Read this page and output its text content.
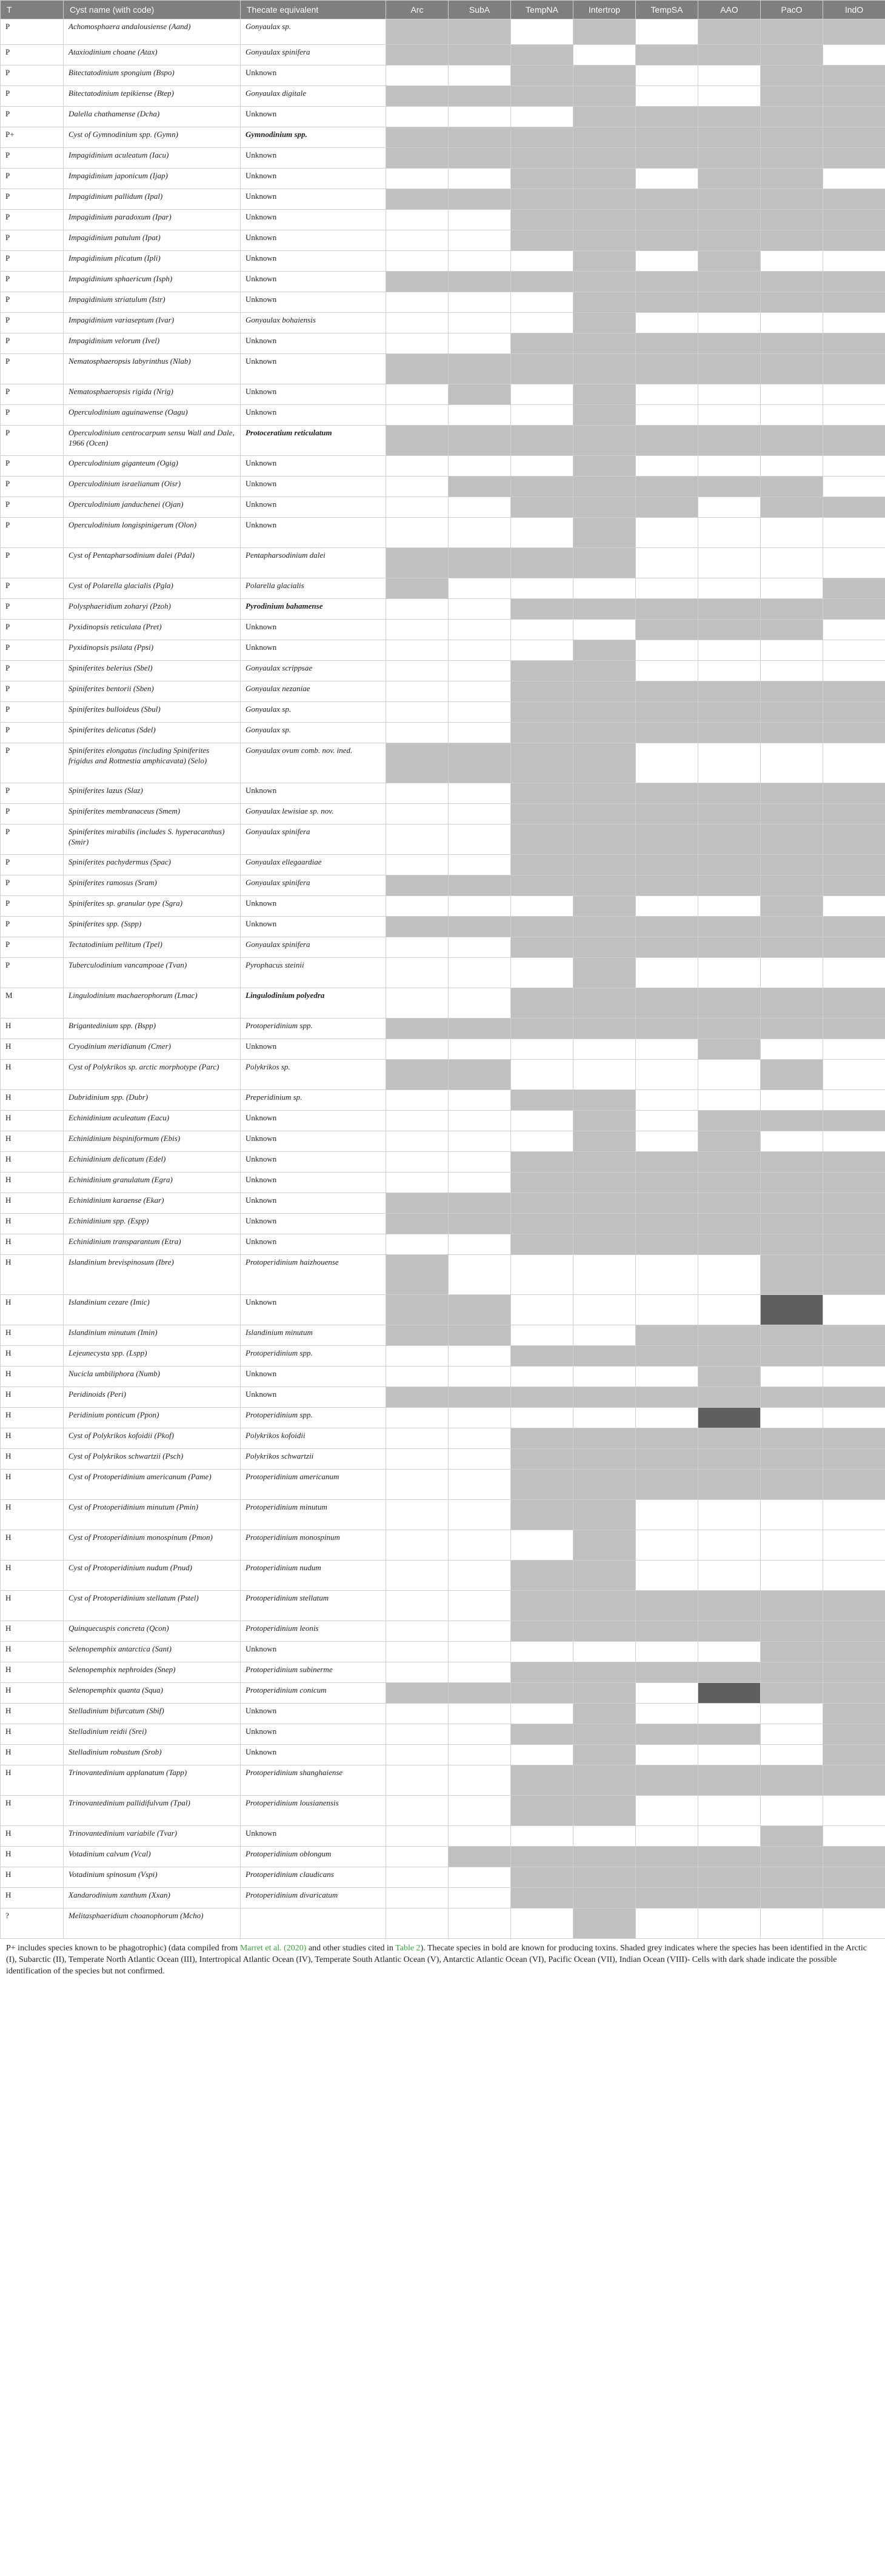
T	Cyst name (with code)	Thecate equivalent	Arc	SubA	TempNA	Intertrop	TempSA	AAO	PacO	IndO
P	Achomosphaera andalousiense (Aand)	Gonyaulax sp.								
P	Ataxiodinium choane (Atax)	Gonyaulax spinifera								
P	Bitectatodinium spongium (Bspo)	Unknown								
P	Bitectatodinium tepikiense (Btep)	Gonyaulax digitale								
P	Dalella chathamense (Dcha)	Unknown								
P+	Cyst of Gymnodinium spp. (Gymn)	Gymnodinium spp.								
P	Impagidinium aculeatum (Iacu)	Unknown								
P	Impagidinium japonicum (Ijap)	Unknown								
P	Impagidinium pallidum (Ipal)	Unknown								
P	Impagidinium paradoxum (Ipar)	Unknown								
P	Impagidinium patulum (Ipat)	Unknown								
P	Impagidinium plicatum (Ipli)	Unknown								
P	Impagidinium sphaericum (Isph)	Unknown								
P	Impagidinium striatulum (Istr)	Unknown								
P	Impagidinium variaseptum (Ivar)	Gonyaulax bohaiensis								
P	Impagidinium velorum (Ivel)	Unknown								
P	Nematosphaeropsis labyrinthus (Nlab)	Unknown								
P	Nematosphaeropsis rigida (Nrig)	Unknown								
P	Operculodinium aguinawense (Oagu)	Unknown								
P	Operculodinium centrocarpum sensu Wall and Dale, 1966 (Ocen)	Protoceratium reticulatum								
P	Operculodinium giganteum (Ogig)	Unknown								
P	Operculodinium israelianum (Oisr)	Unknown								
P	Operculodinium janduchenei (Ojan)	Unknown								
P	Operculodinium longispinigerum (Olon)	Unknown								
P	Cyst of Pentapharsodinium dalei (Pdal)	Pentapharsodinium dalei								
P	Cyst of Polarella glacialis (Pgla)	Polarella glacialis								
P	Polysphaeridium zoharyi (Pzoh)	Pyrodinium bahamense								
P	Pyxidinopsis reticulata (Pret)	Unknown								
P	Pyxidinopsis psilata (Ppsi)	Unknown								
P	Spiniferites belerius (Sbel)	Gonyaulax scrippsae								
P	Spiniferites bentorii (Sben)	Gonyaulax nezaniae								
P	Spiniferites bulloideus (Sbul)	Gonyaulax sp.								
P	Spiniferites delicatus (Sdel)	Gonyaulax sp.								
P	Spiniferites elongatus (including Spiniferites frigidus and Rottnestia amphicavata) (Selo)	Gonyaulax ovum comb. nov. ined.								
P	Spiniferites lazus (Slaz)	Unknown								
P	Spiniferites membranaceus (Smem)	Gonyaulax lewisiae sp. nov.								
P	Spiniferites mirabilis (includes S. hyperacanthus) (Smir)	Gonyaulax spinifera								
P	Spiniferites pachydermus (Spac)	Gonyaulax ellegaardiae								
P	Spiniferites ramosus (Sram)	Gonyaulax spinifera								
P	Spiniferites sp. granular type (Sgra)	Unknown								
P	Spiniferites spp. (Sspp)	Unknown								
P	Tectatodinium pellitum (Tpel)	Gonyaulax spinifera								
P	Tuberculodinium vancampoae (Tvan)	Pyrophacus steinii								
M	Lingulodinium machaerophorum (Lmac)	Lingulodinium polyedra								
H	Brigantedinium spp. (Bspp)	Protoperidinium spp.								
H	Cryodinium meridianum (Cmer)	Unknown								
H	Cyst of Polykrikos sp. arctic morphotype (Parc)	Polykrikos sp.								
H	Dubridinium spp. (Dubr)	Preperidinium sp.								
H	Echinidinium aculeatum (Eacu)	Unknown								
H	Echinidinium bispiniformum (Ebis)	Unknown								
H	Echinidinium delicatum (Edel)	Unknown								
H	Echinidinium granulatum (Egra)	Unknown								
H	Echinidinium karaense (Ekar)	Unknown								
H	Echinidinium spp. (Espp)	Unknown								
H	Echinidinium transparantum (Etra)	Unknown								
H	Islandinium brevispinosum (Ibre)	Protoperidinium haizhouense								
H	Islandinium cezare (Imic)	Unknown								
H	Islandinium minutum (Imin)	Islandinium minutum								
H	Lejeunecysta spp. (Lspp)	Protoperidinium spp.								
H	Nucicla umbiliphora (Numb)	Unknown								
H	Peridinoids (Peri)	Unknown								
H	Peridinium ponticum (Ppon)	Protoperidinium spp.								
H	Cyst of Polykrikos kofoidii (Pkof)	Polykrikos kofoidii								
H	Cyst of Polykrikos schwartzii (Psch)	Polykrikos schwartzii								
H	Cyst of Protoperidinium americanum (Pame)	Protoperidinium americanum								
H	Cyst of Protoperidinium minutum (Pmin)	Protoperidinium minutum								
H	Cyst of Protoperidinium monospinum (Pmon)	Protoperidinium monospinum								
H	Cyst of Protoperidinium nudum (Pnud)	Protoperidinium nudum								
H	Cyst of Protoperidinium stellatum (Pstel)	Protoperidinium stellatum								
H	Quinquecuspis concreta (Qcon)	Protoperidinium leonis								
H	Selenopemphix antarctica (Sant)	Unknown								
H	Selenopemphix nephroides (Snep)	Protoperidinium subinerme								
H	Selenopemphix quanta (Squa)	Protoperidinium conicum								
H	Stelladinium bifurcatum (Sbif)	Unknown								
H	Stelladinium reidii (Srei)	Unknown								
H	Stelladinium robustum (Srob)	Unknown								
H	Trinovantedinium applanatum (Tapp)	Protoperidinium shanghaiense								
H	Trinovantedinium pallidifulvum (Tpal)	Protoperidinium lousianensis								
H	Trinovantedinium variabile (Tvar)	Unknown								
H	Votadinium calvum (Vcal)	Protoperidinium oblongum								
H	Votadinium spinosum (Vspi)	Protoperidinium claudicans								
H	Xandarodinium xanthum (Xxan)	Protoperidinium divaricatum								
?	Melitasphaeridium choanophorum (Mcho)									
P+ includes species known to be phagotrophic) (data compiled from Marret et al. (2020) and other studies cited in Table 2). Thecate species in bold are known for producing toxins. Shaded grey indicates where the species has been identified in the Arctic (I), Subarctic (II), Temperate North Atlantic Ocean (III), Intertropical Atlantic Ocean (IV), Temperate South Atlantic Ocean (V), Antarctic Atlantic Ocean (VI), Pacific Ocean (VII), Indian Ocean (VIII)- Cells with dark shade indicate the possible identification of the species but not confirmed.
